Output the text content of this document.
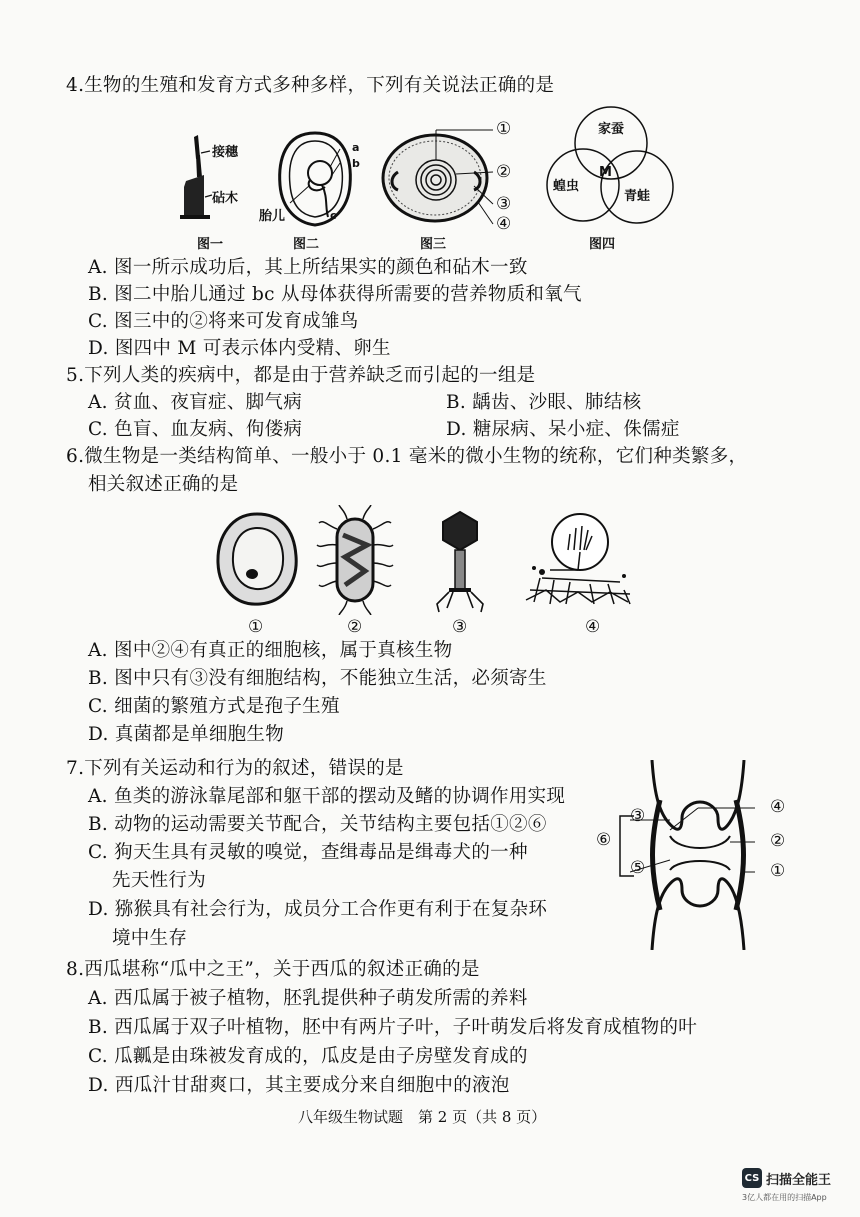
4.生物的生殖和发育方式多种多样，下列有关说法正确的是
接穗
砧木
图一
a
b
c
胎儿
图二
①
②
③
④
图三
家蚕
蝗虫
青蛙
M
图四
A. 图一所示成功后，其上所结果实的颜色和砧木一致
B. 图二中胎儿通过 bc 从母体获得所需要的营养物质和氧气
C. 图三中的②将来可发育成雏鸟
D. 图四中 M 可表示体内受精、卵生
5.下列人类的疾病中，都是由于营养缺乏而引起的一组是
A. 贫血、夜盲症、脚气病	B. 龋齿、沙眼、肺结核
C. 色盲、血友病、佝偻病	D. 糖尿病、呆小症、侏儒症
6.微生物是一类结构简单、一般小于 0.1 毫米的微小生物的统称，它们种类繁多，
相关叙述正确的是
①	②	③	④
A. 图中②④有真正的细胞核，属于真核生物
B. 图中只有③没有细胞结构，不能独立生活，必须寄生
C. 细菌的繁殖方式是孢子生殖
D. 真菌都是单细胞生物
7.下列有关运动和行为的叙述，错误的是
A. 鱼类的游泳靠尾部和躯干部的摆动及鳍的协调作用实现
B. 动物的运动需要关节配合，关节结构主要包括①②⑥
C. 狗天生具有灵敏的嗅觉，查缉毒品是缉毒犬的一种
先天性行为
D. 猕猴具有社会行为，成员分工合作更有利于在复杂环
境中生存
⑥
③
⑤
④
②
①
8.西瓜堪称“瓜中之王”，关于西瓜的叙述正确的是
A. 西瓜属于被子植物，胚乳提供种子萌发所需的养料
B. 西瓜属于双子叶植物，胚中有两片子叶，子叶萌发后将发育成植物的叶
C. 瓜瓤是由珠被发育成的，瓜皮是由子房壁发育成的
D. 西瓜汁甘甜爽口，其主要成分来自细胞中的液泡
八年级生物试题　第 2 页（共 8 页）
CS 扫描全能王
3亿人都在用的扫描App
